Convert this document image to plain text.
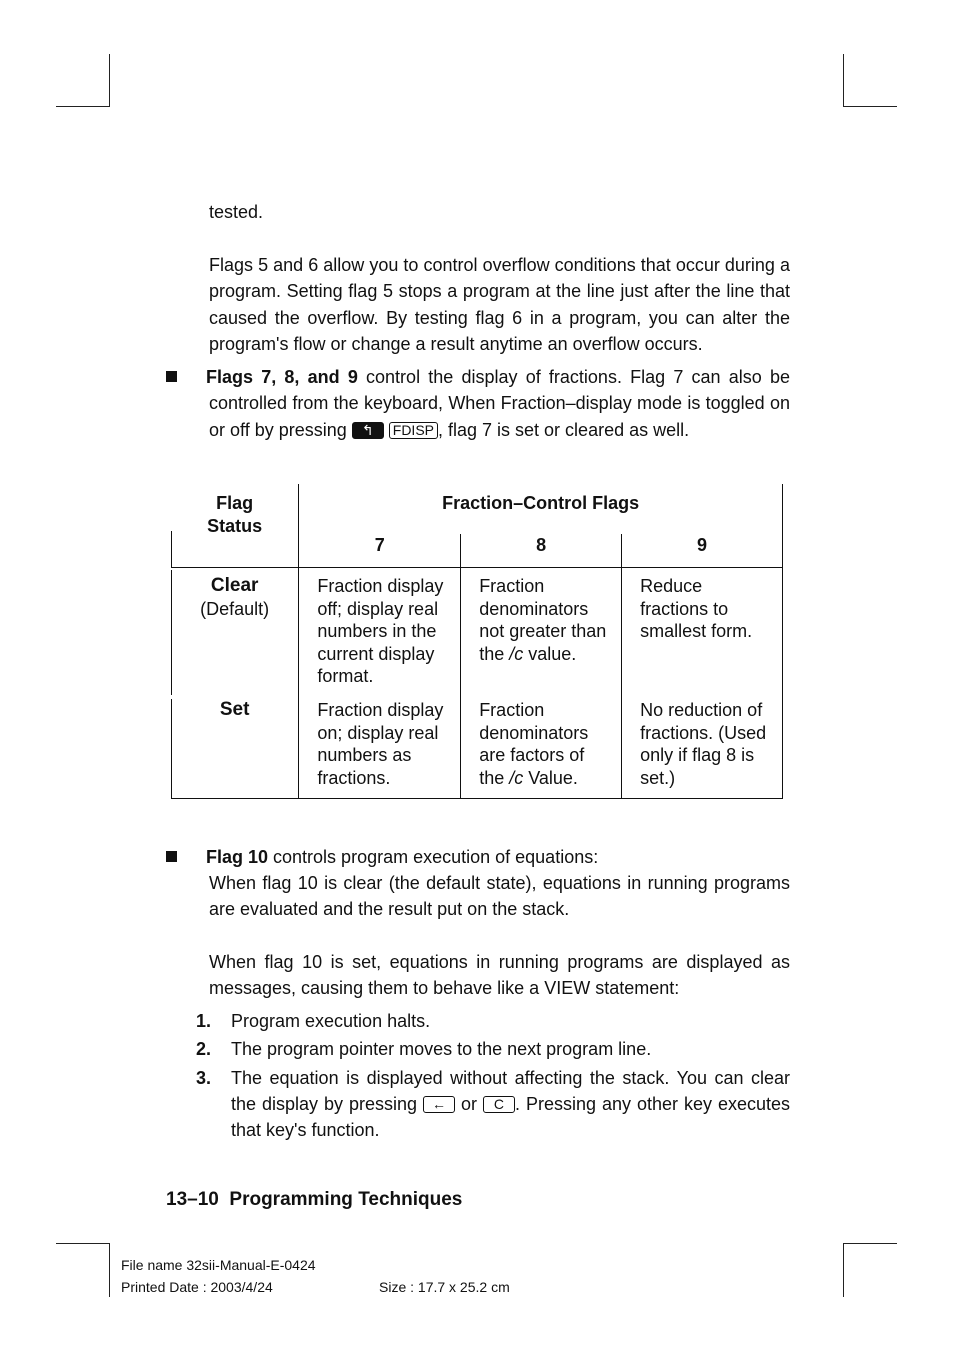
tested.
Flags 5 and 6 allow you to control overflow conditions that occur during a program. Setting flag 5 stops a program at the line just after the line that caused the overflow. By testing flag 6 in a program, you can alter the program's flow or change a result anytime an overflow occurs.
Flags 7, 8, and 9 control the display of fractions. Flag 7 can also be controlled from the keyboard, When Fraction–display mode is toggled on or off by pressing ↰ FDISP , flag 7 is set or cleared as well.
Flag
Status	Fraction–Control Flags		
	7	8	9

Clear
(Default)	Fraction display off; display real numbers in the current display format.	Fraction denominators not greater than the /c value.	Reduce fractions to smallest form.

Set	Fraction display on; display real numbers as fractions.	Fraction denominators are factors of the /c Value.	No reduction of fractions. (Used only if flag 8 is set.)
Flag 10 controls program execution of equations:
When flag 10 is clear (the default state), equations in running programs are evaluated and the result put on the stack.
When flag 10 is set, equations in running programs are displayed as messages, causing them to behave like a VIEW statement:
1. Program execution halts.
2. The program pointer moves to the next program line.
3. The equation is displayed without affecting the stack. You can clear the display by pressing ← or C . Pressing any other key executes that key's function.
13–10  Programming Techniques
File name 32sii-Manual-E-0424
Printed Date : 2003/4/24	Size : 17.7 x 25.2 cm
